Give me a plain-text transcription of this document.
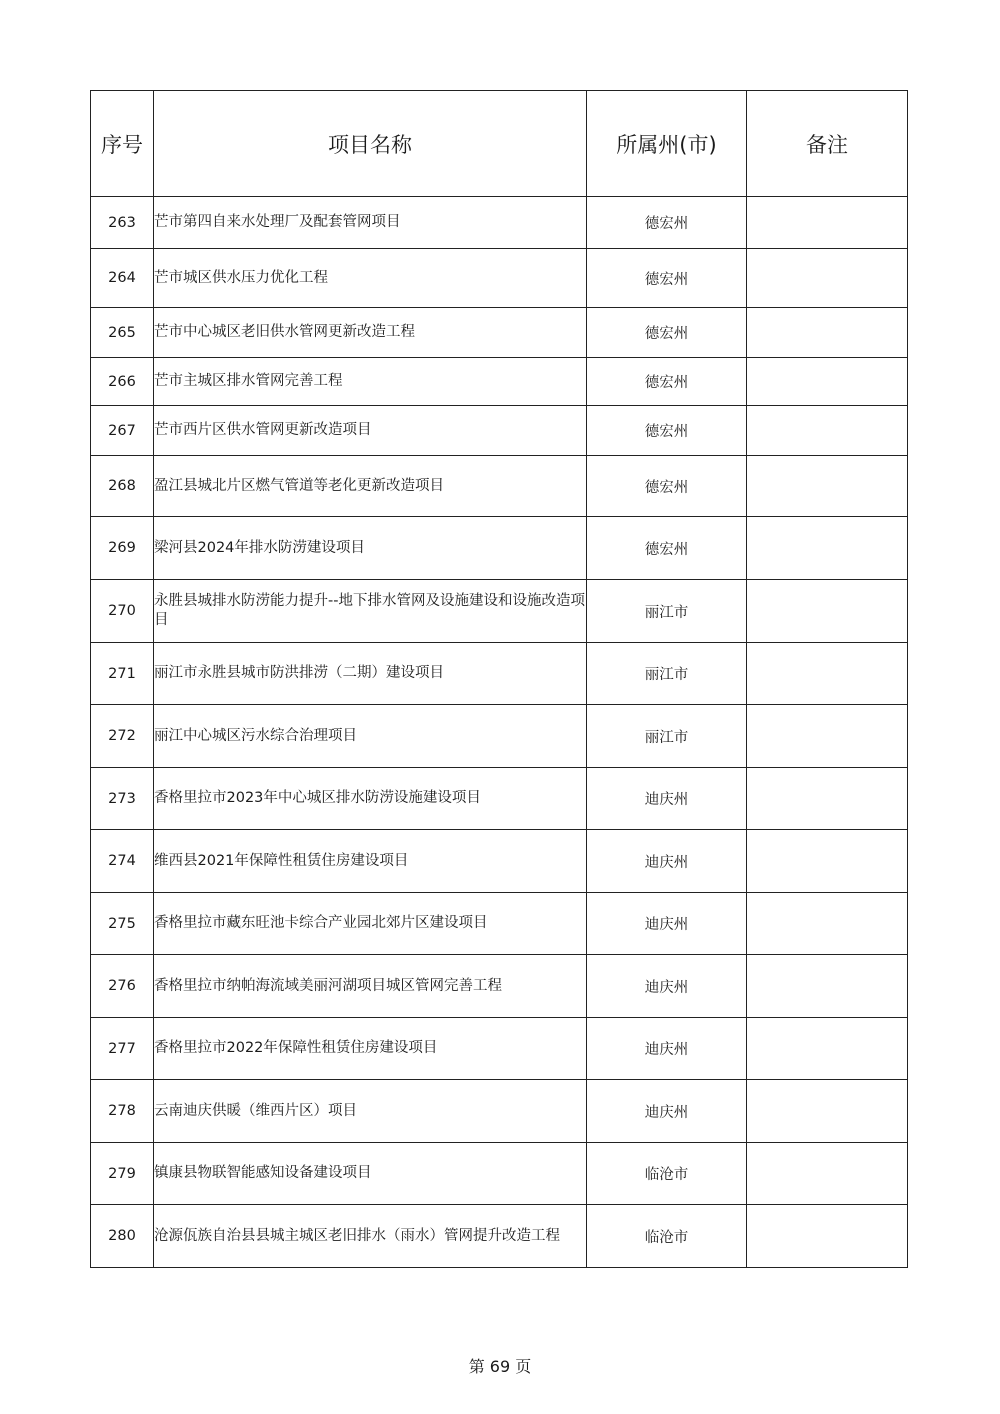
序号	项目名称	所属州(市)	备注
263	芒市第四自来水处理厂及配套管网项目	德宏州	
264	芒市城区供水压力优化工程	德宏州	
265	芒市中心城区老旧供水管网更新改造工程	德宏州	
266	芒市主城区排水管网完善工程	德宏州	
267	芒市西片区供水管网更新改造项目	德宏州	
268	盈江县城北片区燃气管道等老化更新改造项目	德宏州	
269	梁河县2024年排水防涝建设项目	德宏州	
270	永胜县城排水防涝能力提升--地下排水管网及设施建设和设施改造项目	丽江市	
271	丽江市永胜县城市防洪排涝（二期）建设项目	丽江市	
272	丽江中心城区污水综合治理项目	丽江市	
273	香格里拉市2023年中心城区排水防涝设施建设项目	迪庆州	
274	维西县2021年保障性租赁住房建设项目	迪庆州	
275	香格里拉市藏东旺池卡综合产业园北郊片区建设项目	迪庆州	
276	香格里拉市纳帕海流域美丽河湖项目城区管网完善工程	迪庆州	
277	香格里拉市2022年保障性租赁住房建设项目	迪庆州	
278	云南迪庆供暖（维西片区）项目	迪庆州	
279	镇康县物联智能感知设备建设项目	临沧市	
280	沧源佤族自治县县城主城区老旧排水（雨水）管网提升改造工程	临沧市	
第 69 页
